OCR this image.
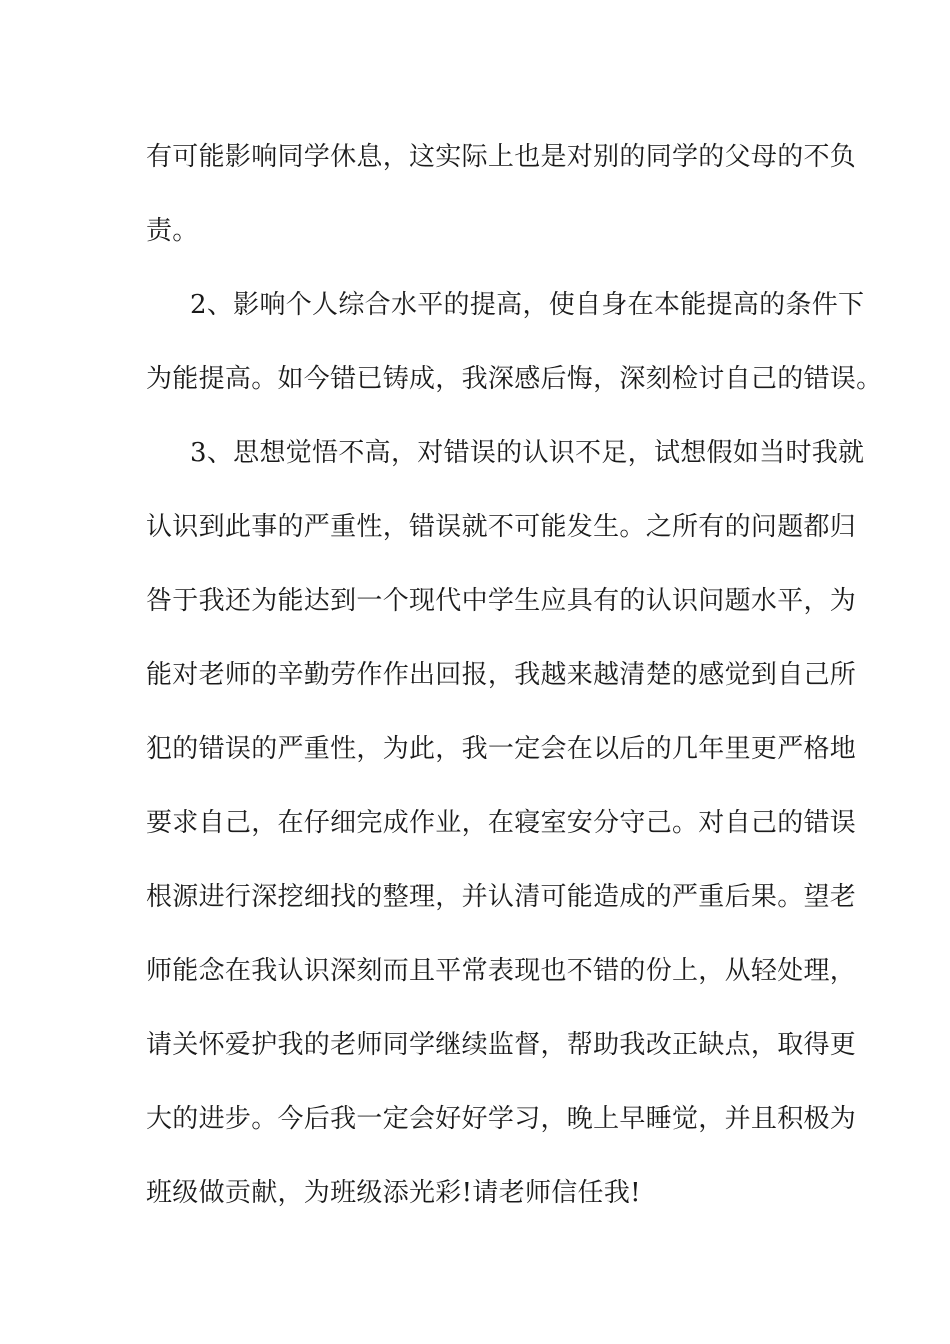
有可能影响同学休息，这实际上也是对别的同学的父母的不负
责。
2、影响个人综合水平的提高，使自身在本能提高的条件下
为能提高。如今错已铸成，我深感后悔，深刻检讨自己的错误。
3、思想觉悟不高，对错误的认识不足，试想假如当时我就
认识到此事的严重性，错误就不可能发生。之所有的问题都归
咎于我还为能达到一个现代中学生应具有的认识问题水平，为
能对老师的辛勤劳作作出回报，我越来越清楚的感觉到自己所
犯的错误的严重性，为此，我一定会在以后的几年里更严格地
要求自己，在仔细完成作业，在寝室安分守己。对自己的错误
根源进行深挖细找的整理，并认清可能造成的严重后果。望老
师能念在我认识深刻而且平常表现也不错的份上，从轻处理，
请关怀爱护我的老师同学继续监督，帮助我改正缺点，取得更
大的进步。今后我一定会好好学习，晚上早睡觉，并且积极为
班级做贡献，为班级添光彩!请老师信任我!
